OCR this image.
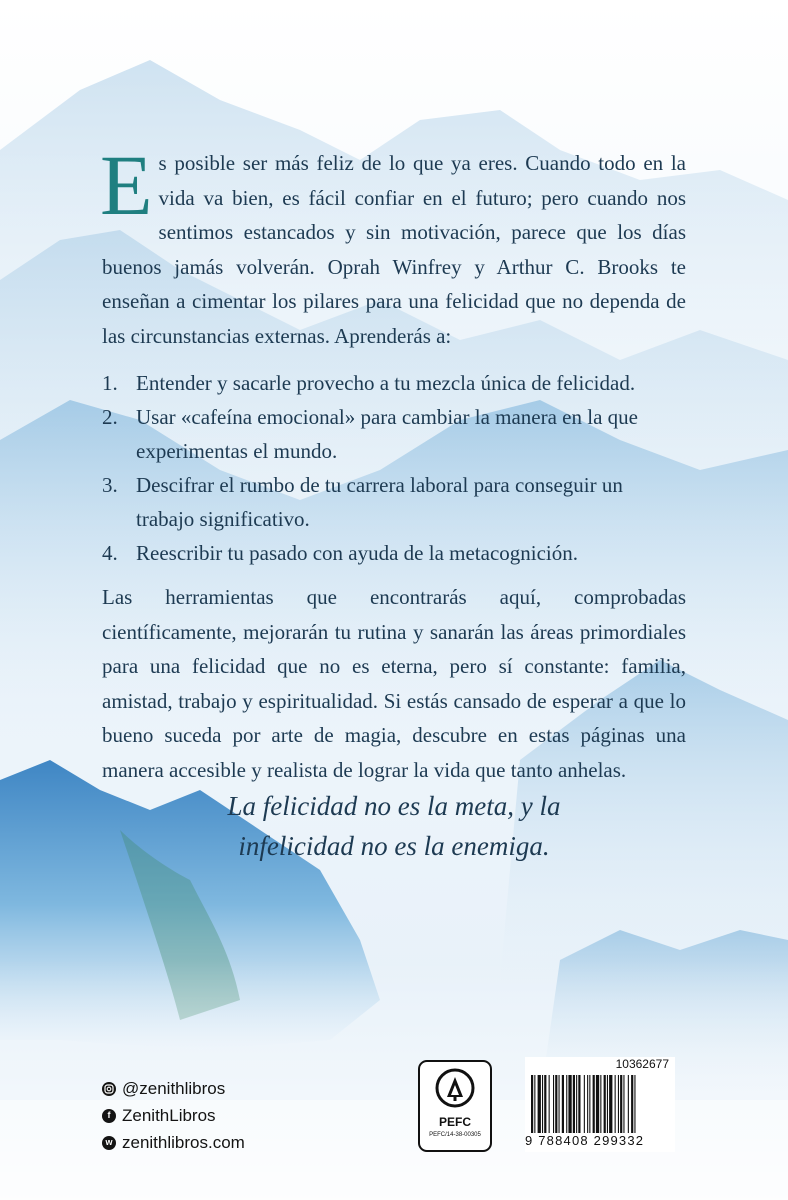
Es posible ser más feliz de lo que ya eres. Cuando todo en la vida va bien, es fácil confiar en el futuro; pero cuando nos sentimos estancados y sin motivación, parece que los días buenos jamás volverán. Oprah Winfrey y Arthur C. Brooks te enseñan a cimentar los pilares para una felicidad que no dependa de las circunstancias externas. Aprenderás a:
1. Entender y sacarle provecho a tu mezcla única de felicidad.
2. Usar «cafeína emocional» para cambiar la manera en la que experimentas el mundo.
3. Descifrar el rumbo de tu carrera laboral para conseguir un trabajo significativo.
4. Reescribir tu pasado con ayuda de la metacognición.
Las herramientas que encontrarás aquí, comprobadas científicamente, mejorarán tu rutina y sanarán las áreas primordiales para una felicidad que no es eterna, pero sí constante: familia, amistad, trabajo y espiritualidad. Si estás cansado de esperar a que lo bueno suceda por arte de magia, descubre en estas páginas una manera accesible y realista de lograr la vida que tanto anhelas.
La felicidad no es la meta, y la infelicidad no es la enemiga.
@zenithlibros
f ZenithLibros
w zenithlibros.com
PEFC
PEFC/14-38-00305
10362677
9 788408 299332
